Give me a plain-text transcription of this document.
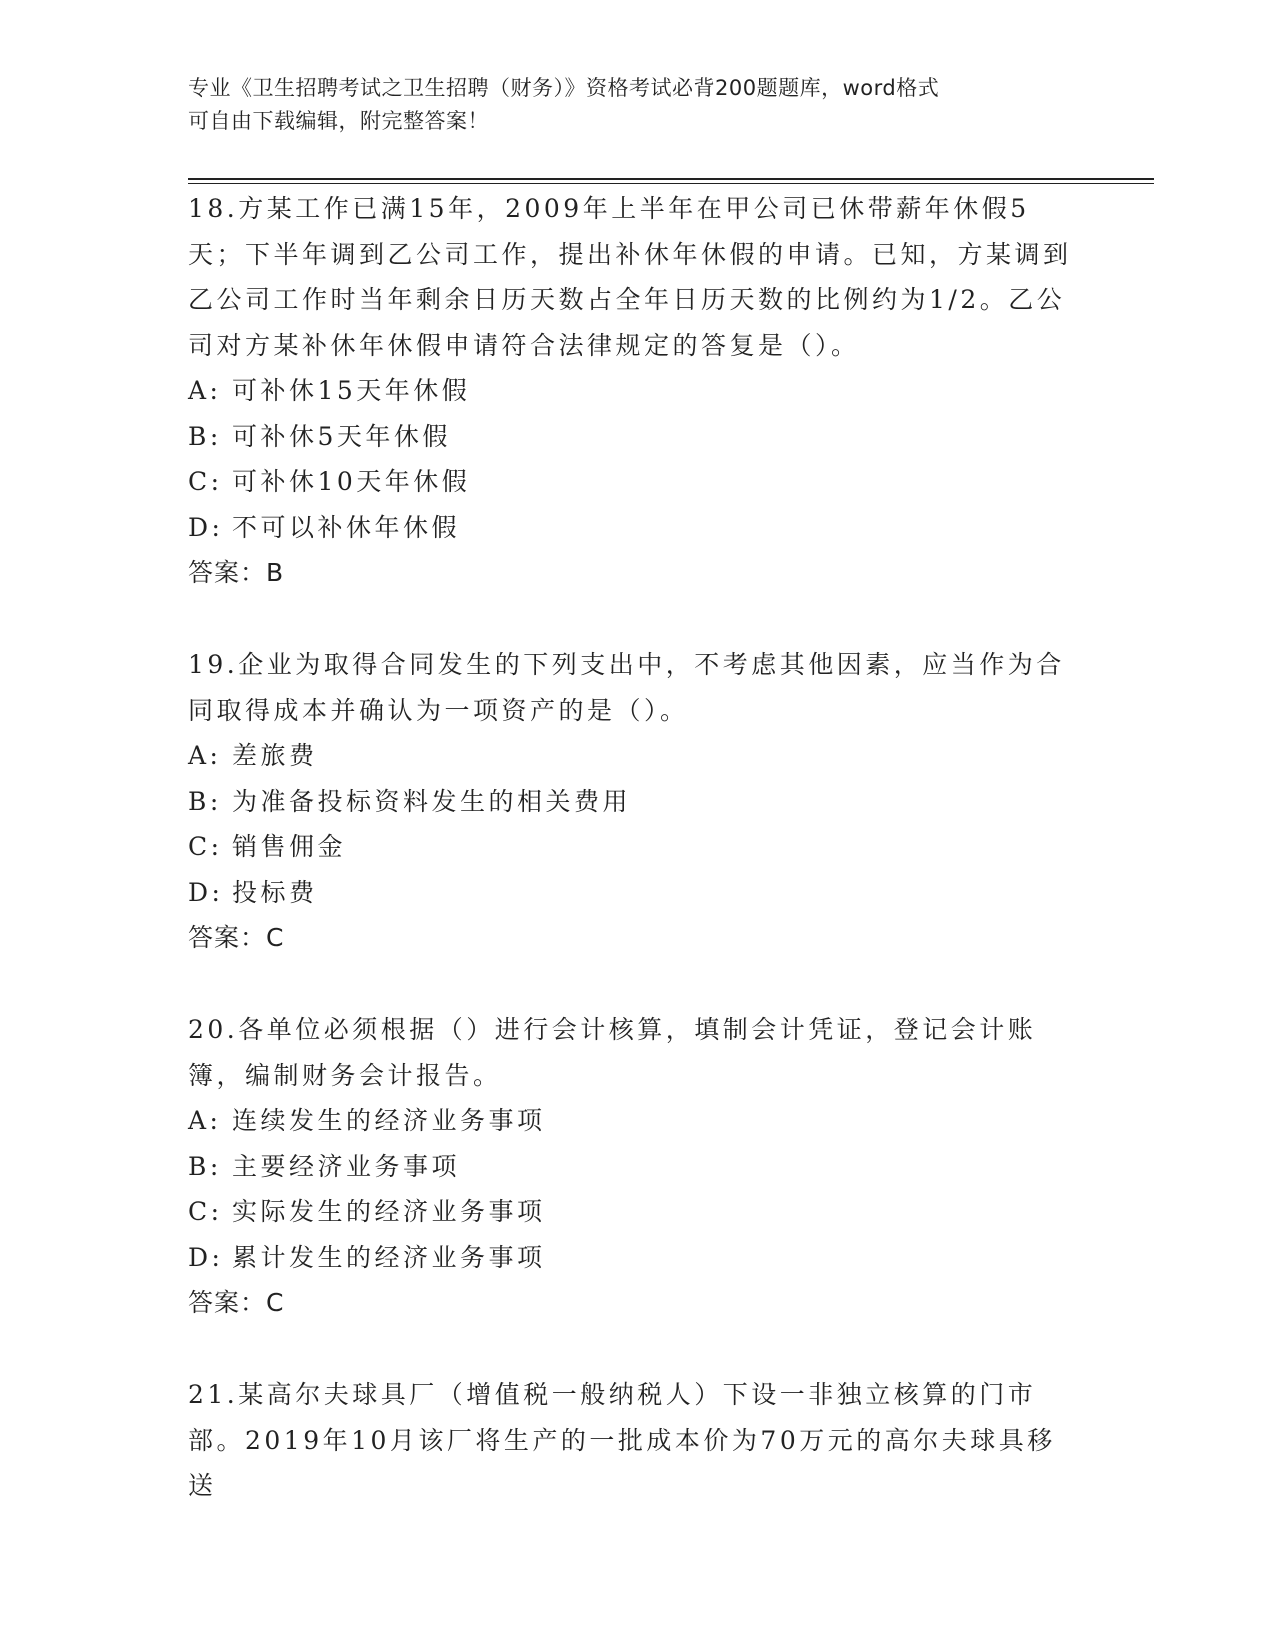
专业《卫生招聘考试之卫生招聘（财务）》资格考试必背200题题库，word格式
可自由下载编辑，附完整答案！

18.方某工作已满15年，2009年上半年在甲公司已休带薪年休假5天；下半年调到乙公司工作，提出补休年休假的申请。已知，方某调到乙公司工作时当年剩余日历天数占全年日历天数的比例约为1/2。乙公司对方某补休年休假申请符合法律规定的答复是（）。

A: 可补休15天年休假
B: 可补休5天年休假
C: 可补休10天年休假
D: 不可以补休年休假

答案：B

19.企业为取得合同发生的下列支出中，不考虑其他因素，应当作为合同取得成本并确认为一项资产的是（）。

A: 差旅费
B: 为准备投标资料发生的相关费用
C: 销售佣金
D: 投标费

答案：C

20.各单位必须根据（）进行会计核算，填制会计凭证，登记会计账簿，编制财务会计报告。

A: 连续发生的经济业务事项
B: 主要经济业务事项
C: 实际发生的经济业务事项
D: 累计发生的经济业务事项

答案：C

21.某高尔夫球具厂（增值税一般纳税人）下设一非独立核算的门市部。2019年10月该厂将生产的一批成本价为70万元的高尔夫球具移送
